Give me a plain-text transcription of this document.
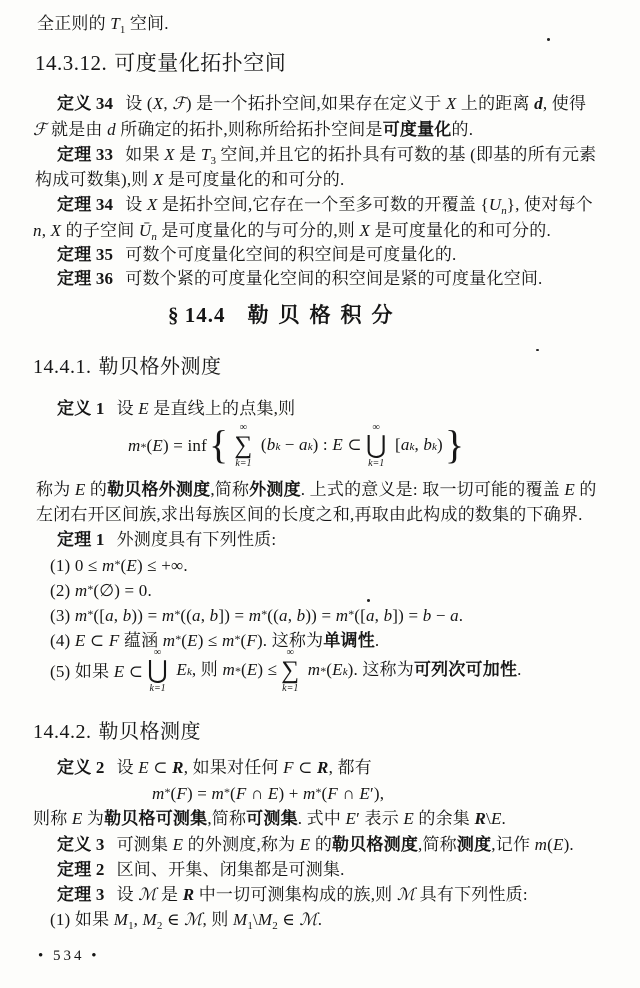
全正则的 $T_1$ 空间.
14.3.12. 可度量化拓扑空间
定义 34 设 (X, ℱ) 是一个拓扑空间,如果存在定义于 X 上的距离 d, 使得
ℱ 就是由 d 所确定的拓扑,则称所给拓扑空间是可度量化的.
定理 33 如果 X 是 $T_3$ 空间,并且它的拓扑具有可数的基 (即基的所有元素
构成可数集),则 X 是可度量化的和可分的.
定理 34 设 X 是拓扑空间,它存在一个至多可数的开覆盖 $\{U_n\}$, 使对每个
n, X 的子空间 $Ū_n$ 是可度量化的与可分的,则 X 是可度量化的和可分的.
定理 35 可数个可度量化空间的积空间是可度量化的.
定理 36 可数个紧的可度量化空间的积空间是紧的可度量化空间.
§ 14.4 勒贝格积分
14.4.1. 勒贝格外测度
定义 1 设 E 是直线上的点集,则
m * ( E ) = inf { ∞
∑
k=1
( b k − a k ) : E ⊂
∞
⋃
k=1
[ a k , b k ) }
称为 E 的勒贝格外测度,简称外测度. 上式的意义是: 取一切可能的覆盖 E 的
左闭右开区间族,求出每族区间的长度之和,再取由此构成的数集的下确界.
定理 1 外测度具有下列性质:
(1) 0 ≤ m*(E) ≤ +∞.
(2) m*(∅) = 0.
(3) m*([a, b)) = m*((a, b]) = m*((a, b)) = m*([a, b]) = b − a.
(4) E ⊂ F 蕴涵 m*(E) ≤ m*(F). 这称为单调性.
(5) 如果 E ⊂
∞
⋃
k=1

E k , 则 m * ( E ) ≤
∞
∑
k=1

m * ( E k ). 这称为 可列次可加性 .
14.4.2. 勒贝格测度
定义 2 设 E ⊂ R, 如果对任何 F ⊂ R, 都有
m*(F) = m*(F ∩ E) + m*(F ∩ E′),
则称 E 为勒贝格可测集,简称可测集. 式中 E′ 表示 E 的余集 R\E.
定义 3 可测集 E 的外测度,称为 E 的勒贝格测度,简称测度,记作 m(E).
定理 2 区间、开集、闭集都是可测集.
定理 3 设 ℳ 是 R 中一切可测集构成的族,则 ℳ 具有下列性质:
(1) 如果 $M_1$, $M_2$ ∈ ℳ, 则 $M_1\backslash M_2$ ∈ ℳ.
• 534 •
